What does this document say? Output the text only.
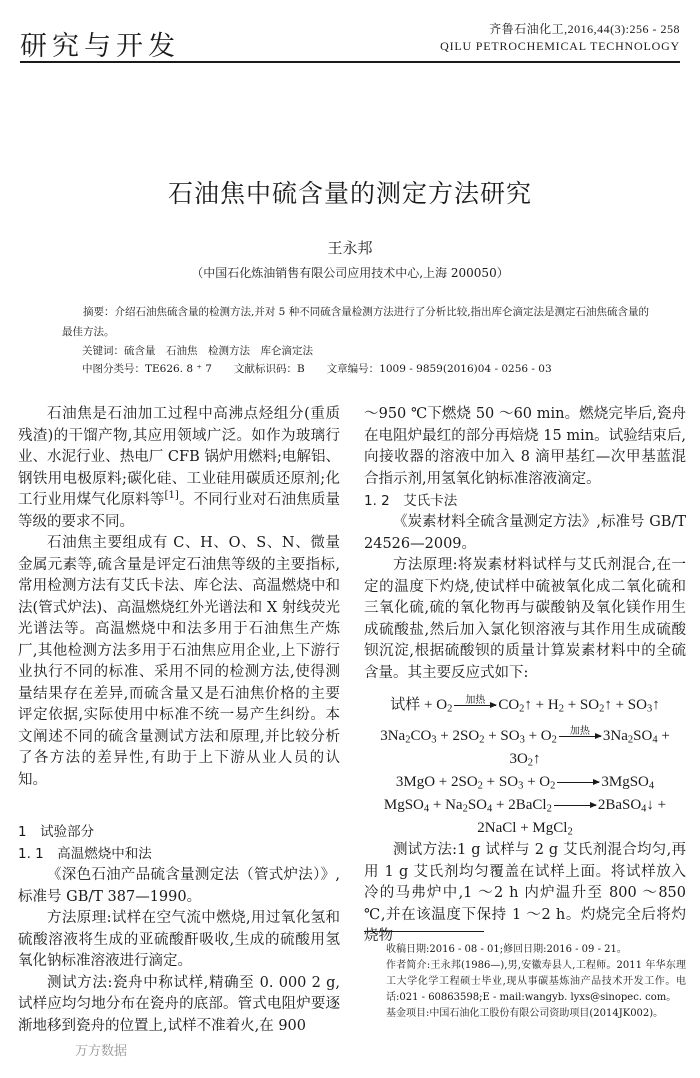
研究与开发
齐鲁石油化工,2016,44(3):256 - 258
QILU PETROCHEMICAL TECHNOLOGY
石油焦中硫含量的测定方法研究
王永邦
（中国石化炼油销售有限公司应用技术中心,上海 200050）
摘要：介绍石油焦硫含量的检测方法,并对 5 种不同硫含量检测方法进行了分析比较,指出库仑滴定法是测定石油焦硫含量的最佳方法。
关键词：硫含量　石油焦　检测方法　库仑滴定法
中图分类号：TE626. 8 ⁺ 7 文献标识码：B 文章编号：1009 - 9859(2016)04 - 0256 - 03

石油焦是石油加工过程中高沸点烃组分(重质残渣)的干馏产物,其应用领域广泛。如作为玻璃行业、水泥行业、热电厂 CFB 锅炉用燃料;电解铝、钢铁用电极原料;碳化硅、工业硅用碳质还原剂;化工行业用煤气化原料等[1]。不同行业对石油焦质量等级的要求不同。

石油焦主要组成有 C、H、O、S、N、微量金属元素等,硫含量是评定石油焦等级的主要指标,常用检测方法有艾氏卡法、库仑法、高温燃烧中和法(管式炉法)、高温燃烧红外光谱法和 X 射线荧光光谱法等。高温燃烧中和法多用于石油焦生产炼厂,其他检测方法多用于石油焦应用企业,上下游行业执行不同的标准、采用不同的检测方法,使得测量结果存在差异,而硫含量又是石油焦价格的主要评定依据,实际使用中标准不统一易产生纠纷。本文阐述不同的硫含量测试方法和原理,并比较分析了各方法的差异性,有助于上下游从业人员的认知。

1　试验部分
1. 1　高温燃烧中和法

《深色石油产品硫含量测定法（管式炉法）》,标准号 GB/T 387—1990。

方法原理:试样在空气流中燃烧,用过氧化氢和硫酸溶液将生成的亚硫酸酐吸收,生成的硫酸用氢氧化钠标准溶液进行滴定。

测试方法:瓷舟中称试样,精确至 0. 000 2 g,试样应均匀地分布在瓷舟的底部。管式电阻炉要逐渐地移到瓷舟的位置上,试样不准着火,在 900

～950 ℃下燃烧 50 ～60 min。燃烧完毕后,瓷舟在电阻炉最红的部分再焙烧 15 min。试验结束后,向接收器的溶液中加入 8 滴甲基红—次甲基蓝混合指示剂,用氢氧化钠标准溶液滴定。

1. 2　艾氏卡法

《炭素材料全硫含量测定方法》,标准号 GB/T 24526—2009。

方法原理:将炭素材料试样与艾氏剂混合,在一定的温度下灼烧,使试样中硫被氧化成二氧化硫和三氧化硫,硫的氧化物再与碳酸钠及氧化镁作用生成硫酸盐,然后加入氯化钡溶液与其作用生成硫酸钡沉淀,根据硫酸钡的质量计算炭素材料中的全硫含量。其主要反应式如下:

试样 + $O_2$
加热 $CO_2↑ + H_2$ + $SO_2↑$ + $SO_3↑$
$3Na_2CO_3 + 2SO_2 + SO_3 + O_2$
加热 $3Na_2SO_4$ + $3O_2↑$
$3MgO + 2SO_2 + SO_3 + O_2$ → 3MgSO$_4$
MgSO$_4$ + $Na_2SO_4$ + 2BaCl$_2$ → 2BaSO$_4$↓ +
2NaCl + MgCl$_2$

测试方法:1 g 试样与 2 g 艾氏剂混合均匀,再用 1 g 艾氏剂均匀覆盖在试样上面。将试样放入冷的马弗炉中,1 ～2 h 内炉温升至 800 ～850 ℃,并在该温度下保持 1 ～2 h。灼烧完全后将灼烧物

收稿日期:2016 - 08 - 01;修回日期:2016 - 09 - 21。

作者简介:王永邦(1986—),男,安徽寿县人,工程师。2011 年华东理工大学化学工程硕士毕业,现从事碳基炼油产品技术开发工作。电话:021 - 60863598;E - mail:wangyb. lyxs@sinopec. com。

基金项目:中国石油化工股份有限公司资助项目(2014JK002)。

万方数据
